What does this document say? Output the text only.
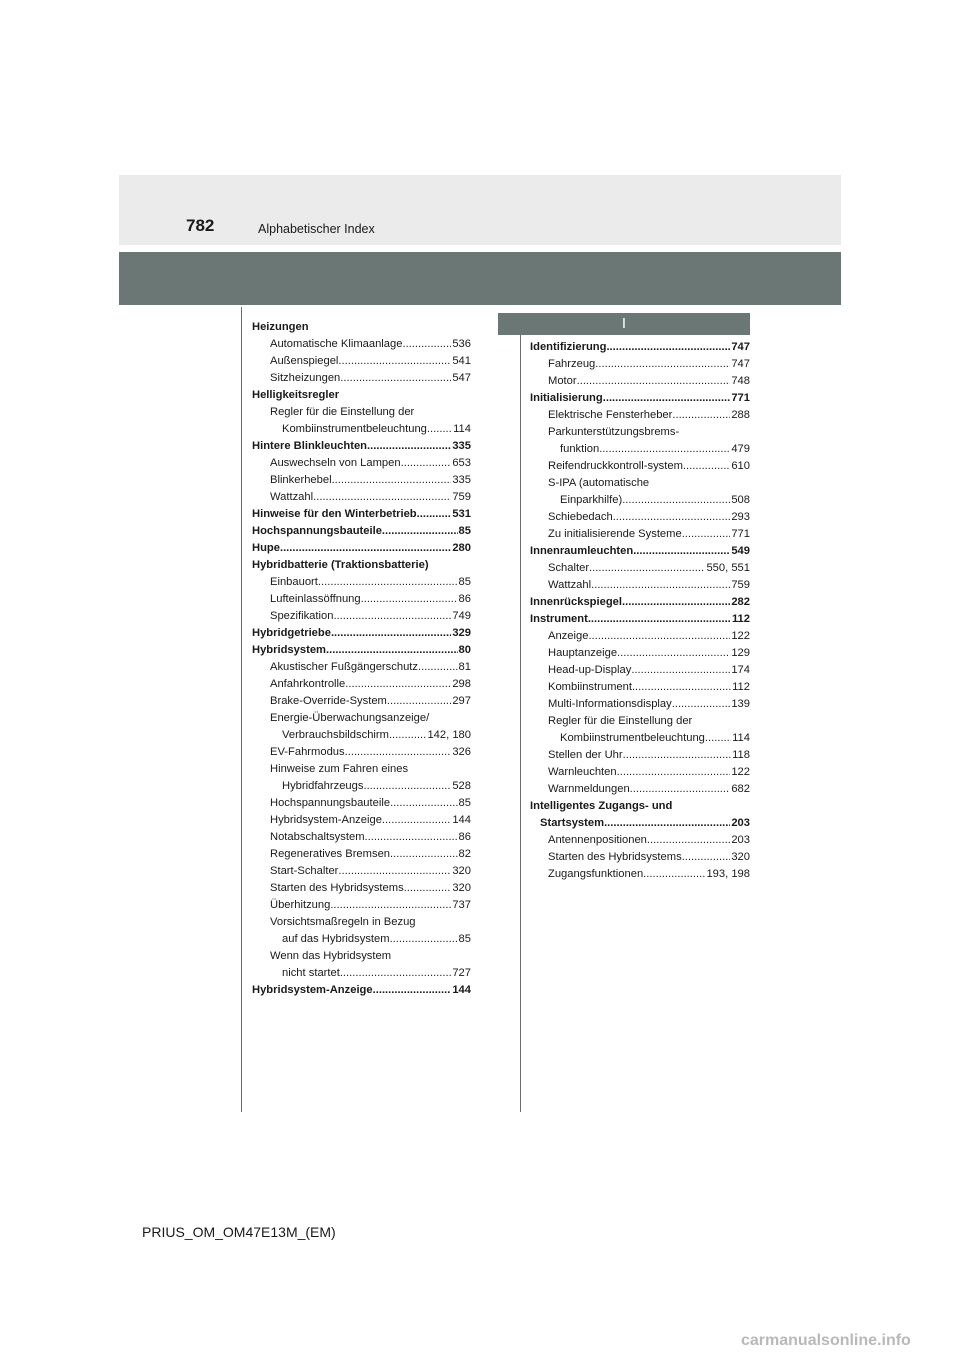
782	Alphabetischer Index
I
Heizungen
Automatische Klimaanlage .....	536
Außenspiegel .....	541
Sitzheizungen .....	547
Helligkeitsregler
Regler für die Einstellung der
Kombiinstrumentbeleuchtung ..... 114
Hintere Blinkleuchten .....	335
Auswechseln von Lampen .....	653
Blinkerhebel .....	335
Wattzahl .....	759
Hinweise für den Winterbetrieb .....	531
Hochspannungsbauteile .....	85
Hupe .....	280
Hybridbatterie (Traktionsbatterie)
Einbauort .....	85
Lufteinlassöffnung .....	86
Spezifikation .....	749
Hybridgetriebe .....	329
Hybridsystem .....	80
Akustischer Fußgängerschutz .....	81
Anfahrkontrolle .....	298
Brake-Override-System .....	297
Energie-Überwachungsanzeige/
Verbrauchsbildschirm .....	142, 180
EV-Fahrmodus .....	326
Hinweise zum Fahren eines
Hybridfahrzeugs .....	528
Hochspannungsbauteile .....	85
Hybridsystem-Anzeige .....	144
Notabschaltsystem .....	86
Regeneratives Bremsen .....	82
Start-Schalter .....	320
Starten des Hybridsystems .....	320
Überhitzung .....	737
Vorsichtsmaßregeln in Bezug
auf das Hybridsystem .....	85
Wenn das Hybridsystem
nicht startet .....	727
Hybridsystem-Anzeige .....	144
Identifizierung .....	747
Fahrzeug .....	747
Motor .....	748
Initialisierung .....	771
Elektrische Fensterheber .....	288
Parkunterstützungsbrems-
funktion .....	479
Reifendruckkontroll-system .....	610
S-IPA (automatische
Einparkhilfe) .....	508
Schiebedach .....	293
Zu initialisierende Systeme .....	771
Innenraumleuchten .....	549
Schalter .....	550, 551
Wattzahl .....	759
Innenrückspiegel .....	282
Instrument .....	112
Anzeige .....	122
Hauptanzeige .....	129
Head-up-Display .....	174
Kombiinstrument .....	112
Multi-Informationsdisplay .....	139
Regler für die Einstellung der
Kombiinstrumentbeleuchtung ..... 114
Stellen der Uhr .....	118
Warnleuchten .....	122
Warnmeldungen .....	682
Intelligentes Zugangs- und
Startsystem .....	203
Antennenpositionen .....	203
Starten des Hybridsystems .....	320
Zugangsfunktionen .....	193, 198
PRIUS_OM_OM47E13M_(EM)
carmanualsonline.info
